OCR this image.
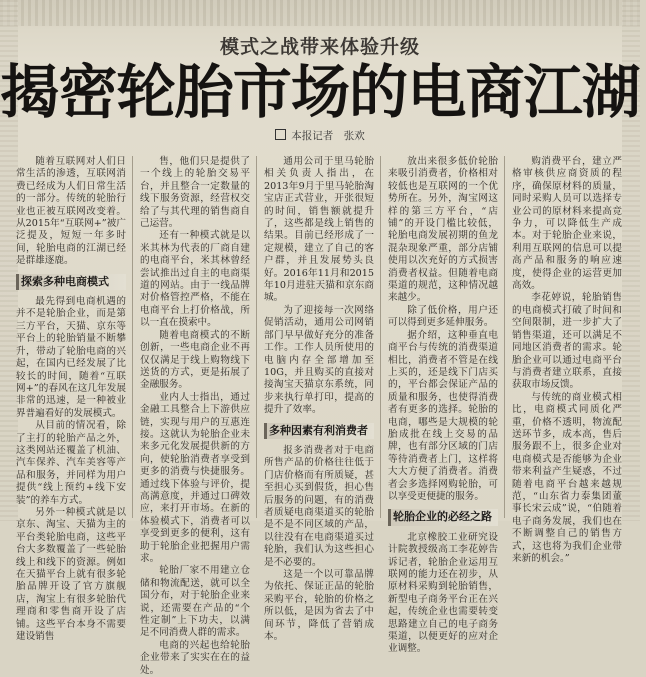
模式之战带来体验升级
揭密轮胎市场的电商江湖
本报记者　张欢

随着互联网对人们日常生活的渗透，互联网消费已经成为人们日常生活的一部分。传统的轮胎行业也正被互联网改变着。从2015年“互联网+”被广泛提及，短短一年多时间，轮胎电商的江湖已经是群雄逐鹿。

探索多种电商模式

最先得到电商机遇的并不是轮胎企业，而是第三方平台，天猫、京东等平台上的轮胎销量不断攀升，带动了轮胎电商的兴起，在国内已经发展了比较长的时间，随着“互联网+”的春风在这几年发展非常的迅速，是一种被业界普遍看好的发展模式。

从目前的情况看，除了主打的轮胎产品之外，这类网站还覆盖了机油、汽车保养、汽车美容等产品和服务，并同样为用户提供“线上预约+线下安装”的养车方式。

另外一种模式就是以京东、淘宝、天猫为主的平台类轮胎电商，这些平台大多数覆盖了一些轮胎线上和线下的资源。例如在天猫平台上就有很多轮胎品牌开设了官方旗舰店，淘宝上有很多轮胎代理商和零售商开设了店铺。这些平台本身不需要建设销售

售，他们只是提供了一个线上的轮胎交易平台，并且整合一定数量的线下服务资源，经营权交给了与其代理的销售商自己运营。

还有一种模式就是以米其林为代表的厂商自建的电商平台，米其林曾经尝试推出过自主的电商渠道的网站。由于一线品牌对价格管控严格，不能在电商平台上打价格战，所以一直在摸索中。

随着电商模式的不断创新，一些电商企业不再仅仅满足于线上购物线下送货的方式，更是拓展了金融服务。

业内人士指出，通过金融工具整合上下游供应链，实现与用户的互惠连接。这就认为轮胎企业未来多元化发展提供新的方向，使轮胎消费者享受到更多的消费与快捷服务。通过线下体验与评价，提高满意度，并通过口碑效应，来打开市场。在新的体验模式下，消费者可以享受到更多的便利，这有助于轮胎企业把握用户需求。

轮胎厂家不用建立仓储和物流配送，就可以全国分布，对于轮胎企业来说，还需要在产品的“个性定制”上下功夫，以满足不同消费人群的需求。

电商的兴起也给轮胎企业带来了实实在在的益处。

通用公司于里马轮胎相关负责人指出，在2013年9月于里马轮胎淘宝店正式营业，开张很短的时间，销售额就提升了，这些都是线上销售的结果。目前已经形成了一定规模，建立了自己的客户群，并且发展势头良好。2016年11月和2015年10月进驻天猫和京东商城。

为了迎接每一次网络促销活动，通用公司网销部门早早做好充分的准备工作。工作人员所使用的电脑内存全部增加至10G，并且购买的直接对接淘宝天猫京东系统，同步来执行单打印，提高的提升了效率。

多种因素有利消费者

报多消费者对于电商所售产品的价格往往低于门店价格而有所质疑，甚至担心买到假货，担心售后服务的问题，有的消费者质疑电商渠道买的轮胎是不是不同区域的产品，以往没有在电商渠道买过轮胎，我们认为这些担心是不必要的。

这是一个以可靠品牌为依托、保证正品的轮胎采购平台，轮胎的价格之所以低，是因为省去了中间环节，降低了营销成本。

放出来很多低价轮胎来吸引消费者，价格相对较低也是互联网的一个优势所在。另外，淘宝网这样的第三方平台，“店铺”的开设门槛比较低，轮胎电商发展初期的鱼龙混杂现象严重，部分店铺使用以次充好的方式损害消费者权益。但随着电商渠道的规范，这种情况越来越少。

除了低价格，用户还可以得到更多延伸服务。

据介绍，这种垂直电商平台与传统的消费渠道相比，消费者不管是在线上买的，还是线下门店买的，平台都会保证产品的质量和服务，也使得消费者有更多的选择。轮胎的电商，哪些是大规模的轮胎成批在线上交易的品牌，也有部分区域的门店等待消费者上门，这样将大大方便了消费者。消费者会多选择网购轮胎，可以享受更便捷的服务。

轮胎企业的必经之路

北京橡胶工业研究设计院教授级高工李花婷告诉记者，轮胎企业运用互联网的能力还在初步，从原材料采购到轮胎销售，新型电子商务平台正在兴起，传统企业也需要转变思路建立自己的电子商务渠道，以便更好的应对企业调整。

购消费平台，建立严格审核供应商资质的程序，确保原材料的质量，同时采购人员可以选择专业公司的原材料来提高竞争力，可以降低生产成本。对于轮胎企业来说，利用互联网的信息可以提高产品和服务的响应速度，使得企业的运营更加高效。

李花婷说，轮胎销售的电商模式打破了时间和空间限制，进一步扩大了销售渠道，还可以满足不同地区消费者的需求。轮胎企业可以通过电商平台与消费者建立联系，直接获取市场反馈。

与传统的商业模式相比，电商模式同质化严重，价格不透明，物流配送环节多，成本高，售后服务跟不上，很多企业对电商模式是否能够为企业带来利益产生疑惑，不过随着电商平台越来越规范，“山东省力泰集团董事长宋云成”说，“伯随着电子商务发展，我们也在不断调整自己的销售方式，这也将为我们企业带来新的机会。”
